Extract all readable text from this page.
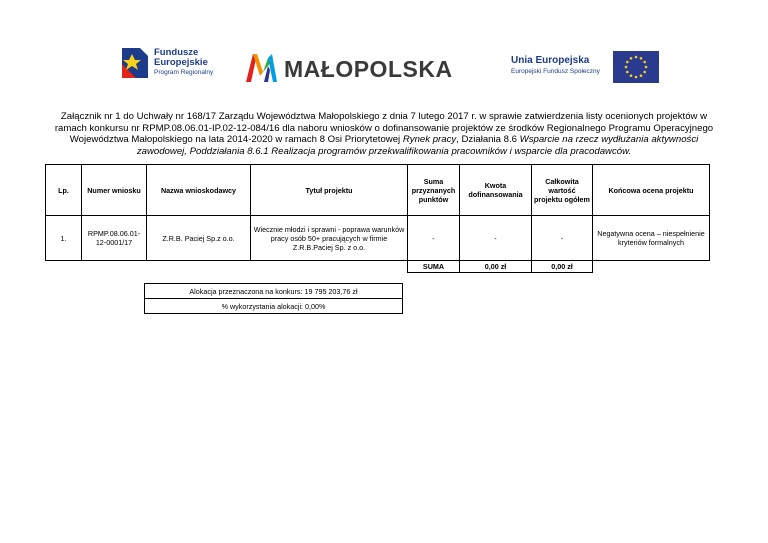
Fundusze
Europejskie
Program Regionalny	MAŁOPOLSKA	Unia Europejska
Europejski Fundusz Społeczny
Załącznik nr 1 do Uchwały nr 168/17 Zarządu Województwa Małopolskiego z dnia 7 lutego 2017 r. w sprawie zatwierdzenia listy ocenionych projektów w ramach konkursu nr RPMP.08.06.01-IP.02-12-084/16 dla naboru wniosków o dofinansowanie projektów ze środków Regionalnego Programu Operacyjnego Województwa Małopolskiego na lata 2014-2020 w ramach 8 Osi Priorytetowej Rynek pracy, Działania 8.6 Wsparcie na rzecz wydłużania aktywności zawodowej, Poddziałania 8.6.1 Realizacja programów przekwalifikowania pracowników i wsparcie dla pracodawców.
Lp.	Numer wniosku	Nazwa wnioskodawcy	Tytuł projektu	Suma przyznanych punktów	Kwota dofinansowania	Całkowita wartość projektu ogółem	Końcowa ocena projektu
1.	RPMP.08.06.01-12-0001/17	Z.R.B. Paciej Sp.z o.o.	Wiecznie młodzi i sprawni - poprawa warunków pracy osób 50+ pracujących w firmie Z.R.B.Paciej Sp. z o.o.	-	-	-	Negatywna ocena – niespełnienie kryteriów formalnych
				SUMA	0,00 zł	0,00 zł	
Alokacja przeznaczona na konkurs: 19 795 203,76 zł
% wykorzystania alokacji: 0,00%
